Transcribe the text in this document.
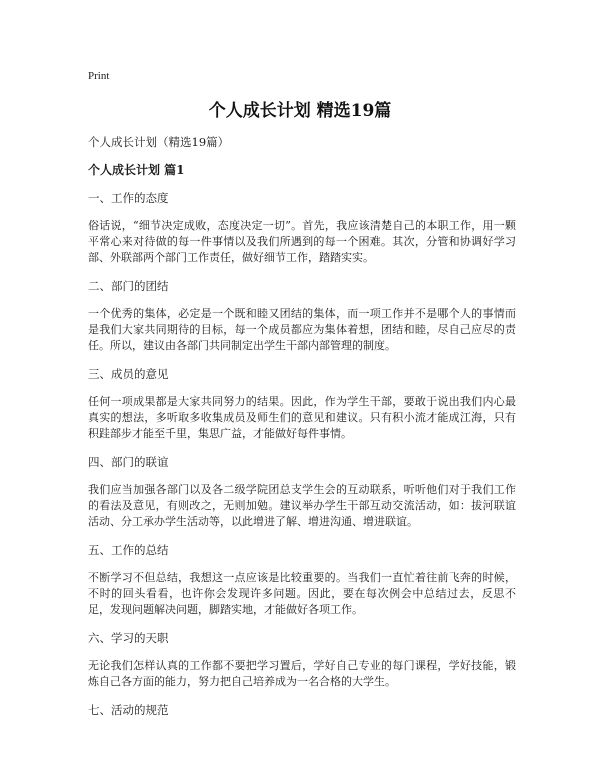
Print
个人成长计划 精选19篇

个人成长计划（精选19篇）

个人成长计划 篇1

一、工作的态度

俗话说，“细节决定成败，态度决定一切”。首先，我应该清楚自己的本职工作，用一颗平常心来对待做的每一件事情以及我们所遇到的每一个困难。其次，分管和协调好学习部、外联部两个部门工作责任，做好细节工作，踏踏实实。

二、部门的团结

一个优秀的集体，必定是一个既和睦又团结的集体，而一项工作并不是哪个人的事情而是我们大家共同期待的目标，每一个成员都应为集体着想，团结和睦，尽自己应尽的责任。所以，建议由各部门共同制定出学生干部内部管理的制度。

三、成员的意见

任何一项成果都是大家共同努力的结果。因此，作为学生干部，要敢于说出我们内心最真实的想法，多听取多收集成员及师生们的意见和建议。只有积小流才能成江海，只有积跬部步才能至千里，集思广益，才能做好每件事情。

四、部门的联谊

我们应当加强各部门以及各二级学院团总支学生会的互动联系，听听他们对于我们工作的看法及意见，有则改之，无则加勉。建议举办学生干部互动交流活动，如：拔河联谊活动、分工承办学生活动等，以此增进了解、增进沟通、增进联谊。

五、工作的总结

不断学习不但总结，我想这一点应该是比较重要的。当我们一直忙着往前飞奔的时候，不时的回头看看，也许你会发现许多问题。因此，要在每次例会中总结过去，反思不足，发现问题解决问题，脚踏实地，才能做好各项工作。

六、学习的天职

无论我们怎样认真的工作都不要把学习置后，学好自己专业的每门课程，学好技能，锻炼自己各方面的能力，努力把自己培养成为一名合格的大学生。

七、活动的规范
